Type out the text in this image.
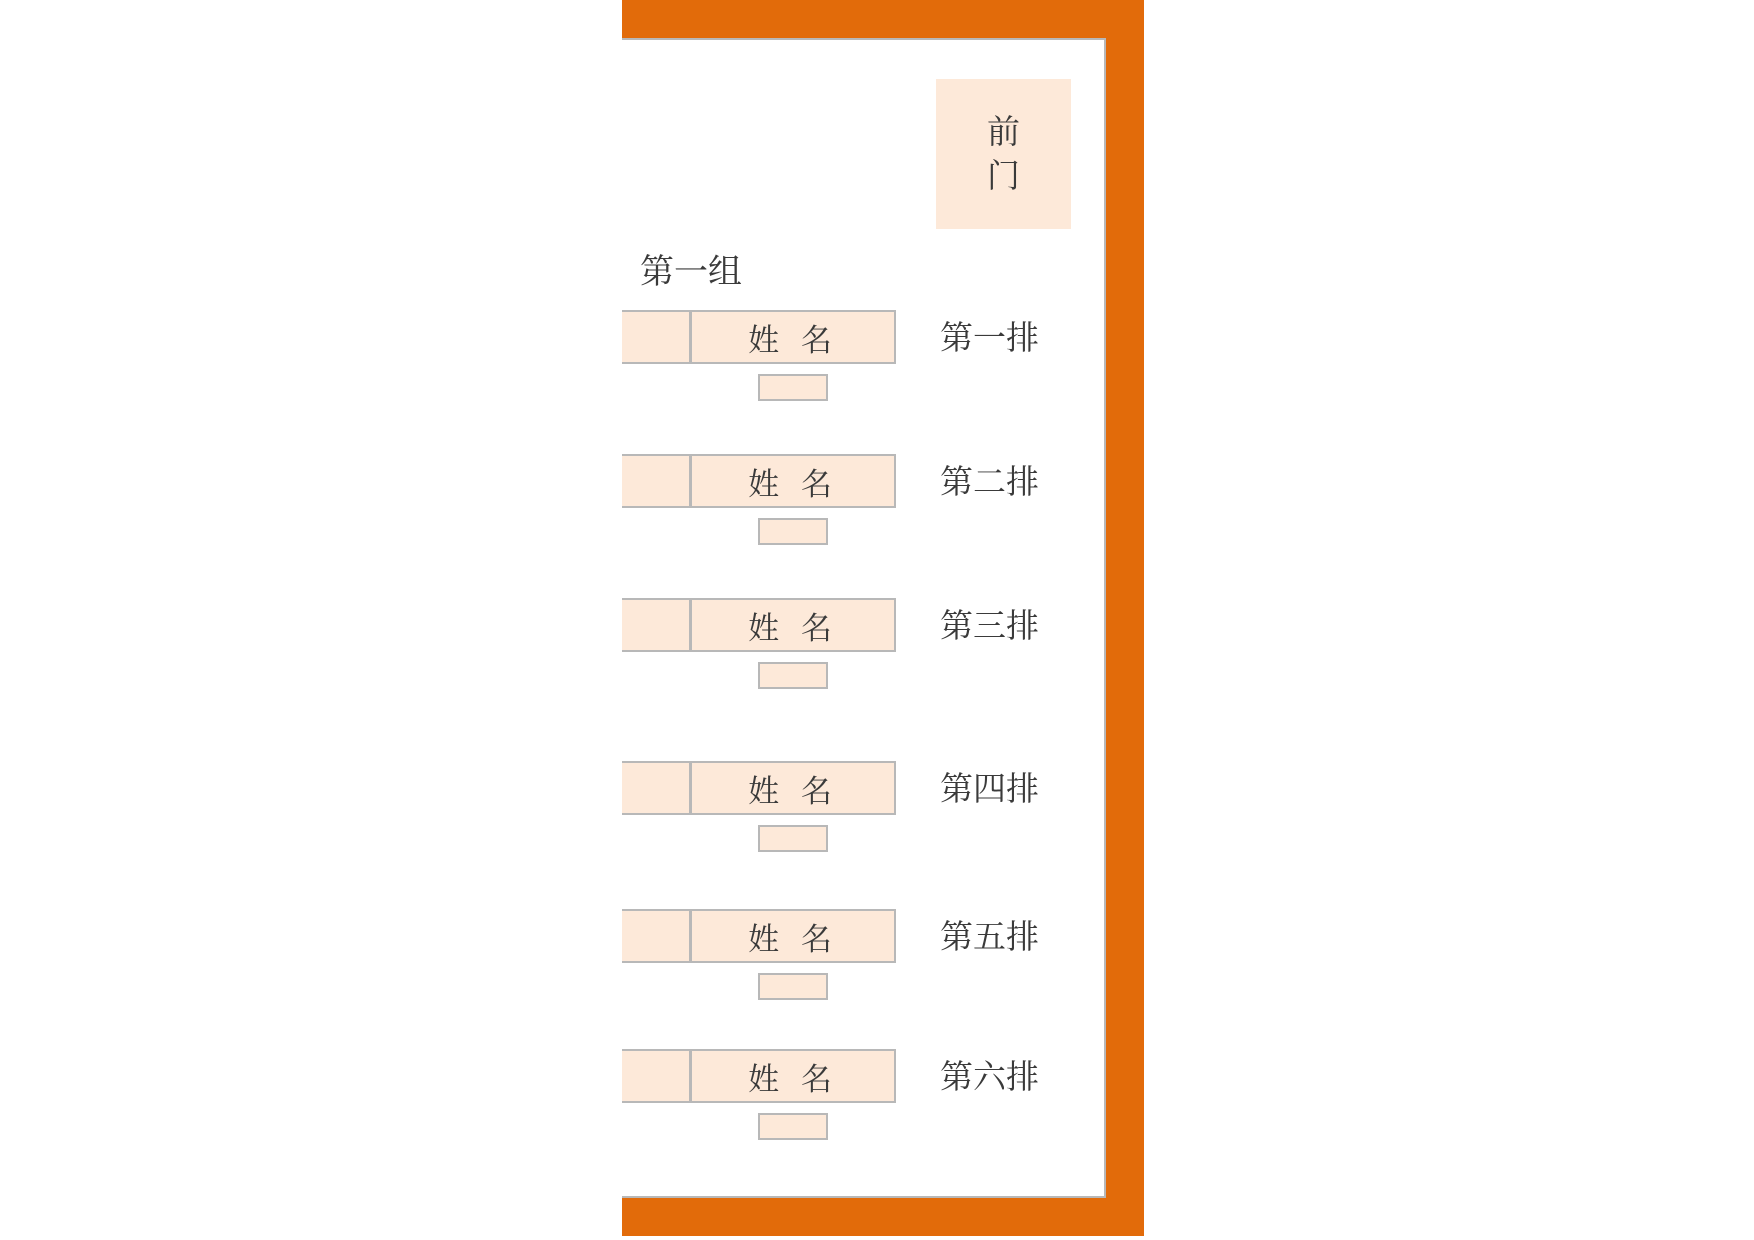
前
门
第一组
姓 名	第一排
姓 名	第二排
姓 名	第三排
姓 名	第四排
姓 名	第五排
姓 名	第六排
